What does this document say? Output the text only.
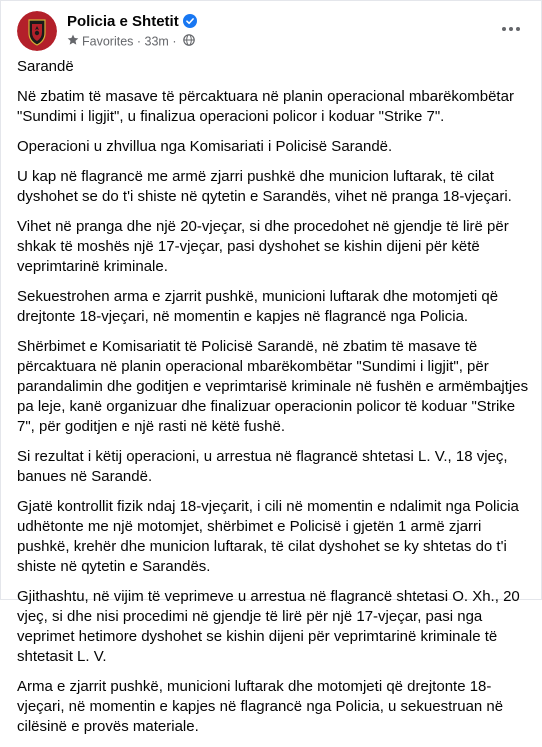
Policia e Shtetit
Favorites · 33m ·

Sarandë

Në zbatim të masave të përcaktuara në planin operacional mbarëkombëtar "Sundimi i ligjit", u finalizua operacioni policor i koduar "Strike 7".

Operacioni u zhvillua nga Komisariati i Policisë Sarandë.

U kap në flagrancë me armë zjarri pushkë dhe municion luftarak, të cilat dyshohet se do t'i shiste në qytetin e Sarandës, vihet në pranga 18-vjeçari.

Vihet në pranga dhe një 20-vjeçar, si dhe procedohet në gjendje të lirë për shkak të moshës një 17-vjeçar, pasi dyshohet se kishin dijeni për këtë veprimtarinë kriminale.

Sekuestrohen arma e zjarrit pushkë, municioni luftarak dhe motomjeti që drejtonte 18-vjeçari, në momentin e kapjes në flagrancë nga Policia.

Shërbimet e Komisariatit të Policisë Sarandë, në zbatim të masave të përcaktuara në planin operacional mbarëkombëtar "Sundimi i ligjit", për parandalimin dhe goditjen e veprimtarisë kriminale në fushën e armëmbajtjes pa leje, kanë organizuar dhe finalizuar operacionin policor të koduar "Strike 7", për goditjen e një rasti në këtë fushë.

Si rezultat i këtij operacioni, u arrestua në flagrancë shtetasi L. V., 18 vjeç, banues në Sarandë.

Gjatë kontrollit fizik ndaj 18-vjeçarit, i cili në momentin e ndalimit nga Policia udhëtonte me një motomjet, shërbimet e Policisë i gjetën 1 armë zjarri pushkë, krehër dhe municion luftarak, të cilat dyshohet se ky shtetas do t'i shiste në qytetin e Sarandës.

Gjithashtu, në vijim të veprimeve u arrestua në flagrancë shtetasi O. Xh., 20 vjeç, si dhe nisi procedimi në gjendje të lirë për një 17-vjeçar, pasi nga veprimet hetimore dyshohet se kishin dijeni për veprimtarinë kriminale të shtetasit L. V.

Arma e zjarrit pushkë, municioni luftarak dhe motomjeti që drejtonte 18-vjeçari, në momentin e kapjes në flagrancë nga Policia, u sekuestruan në cilësinë e provës materiale.
